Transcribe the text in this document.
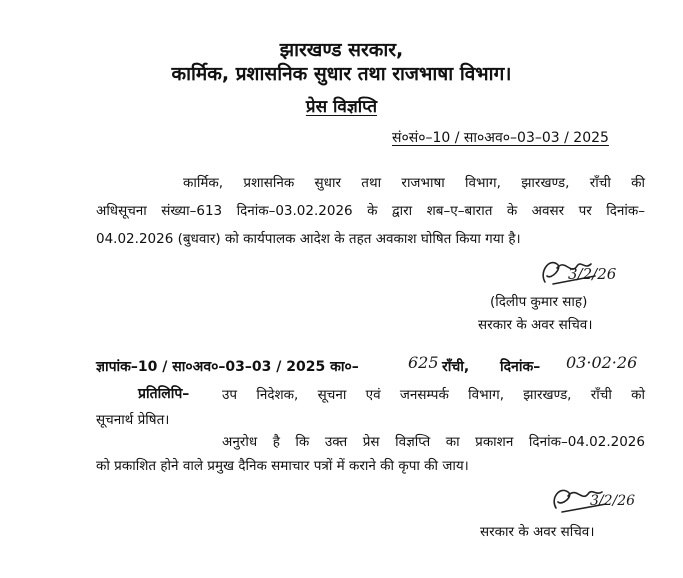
झारखण्ड सरकार,
कार्मिक, प्रशासनिक सुधार तथा राजभाषा विभाग।
प्रेस विज्ञप्ति
सं०सं०–10 / सा०अव०–03–03 / 2025
कार्मिक, प्रशासनिक सुधार तथा राजभाषा विभाग, झारखण्ड, राँची की
अधिसूचना संख्या–613 दिनांक–03.02.2026 के द्वारा शब–ए–बारात के अवसर पर दिनांक–
04.02.2026 (बुधवार) को कार्यपालक आदेश के तहत अवकाश घोषित किया गया है।
3/2/26
(दिलीप कुमार साह)
सरकार के अवर सचिव।
ज्ञापांक–10 / सा०अव०–03–03 / 2025 का०–	625 राँची, दिनांक– 03·02·26
प्रतिलिपि– उप निदेशक, सूचना एवं जनसम्पर्क विभाग, झारखण्ड, राँची को
सूचनार्थ प्रेषित।
अनुरोध है कि उक्त प्रेस विज्ञप्ति का प्रकाशन दिनांक–04.02.2026
को प्रकाशित होने वाले प्रमुख दैनिक समाचार पत्रों में कराने की कृपा की जाय।
3/2/26
सरकार के अवर सचिव।
